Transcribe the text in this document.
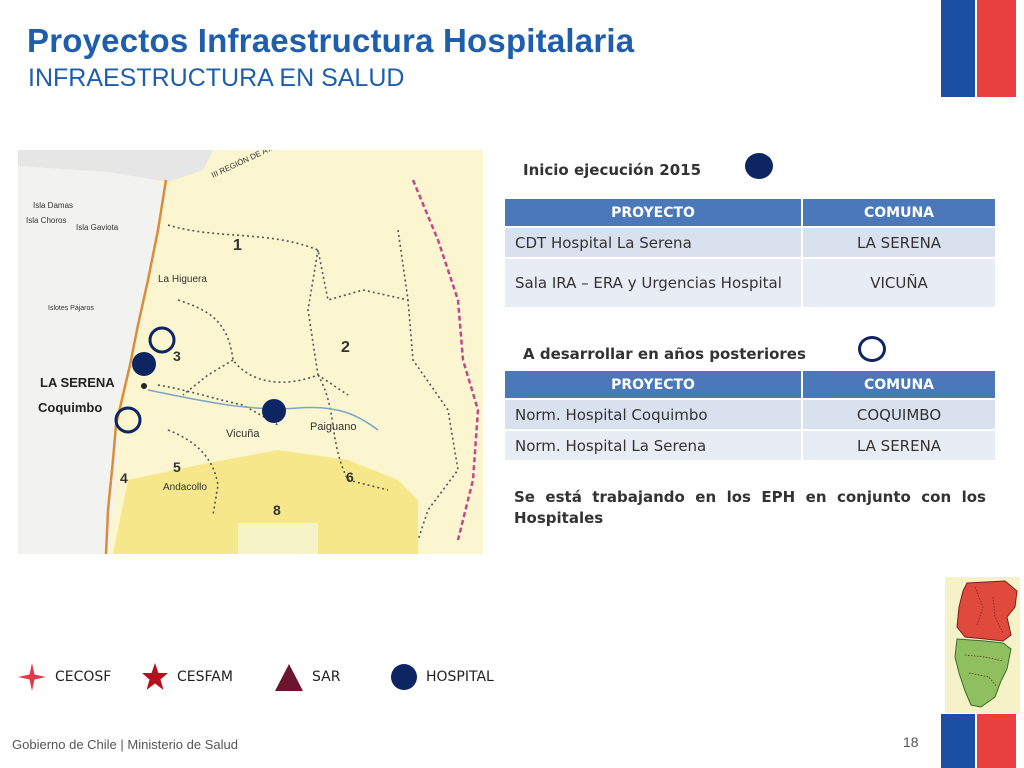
Proyectos Infraestructura Hospitalaria
INFRAESTRUCTURA EN SALUD
Isla Damas
Isla Choros
Isla Gaviota
Islotes Pájaros
La Higuera
LA SERENA
Coquimbo
Vicuña
Paiguano
Andacollo
1
2
3
4
5
6
8
Inicio ejecución 2015
PROYECTO	COMUNA
CDT Hospital La Serena	LA SERENA
Sala IRA – ERA y Urgencias Hospital	VICUÑA
A desarrollar en años posteriores
PROYECTO	COMUNA
Norm. Hospital Coquimbo	COQUIMBO
Norm. Hospital La Serena	LA SERENA
Se está trabajando en los EPH en conjunto con los Hospitales
CECOSF	CESFAM	SAR	HOSPITAL
Gobierno de Chile | Ministerio de Salud	18
